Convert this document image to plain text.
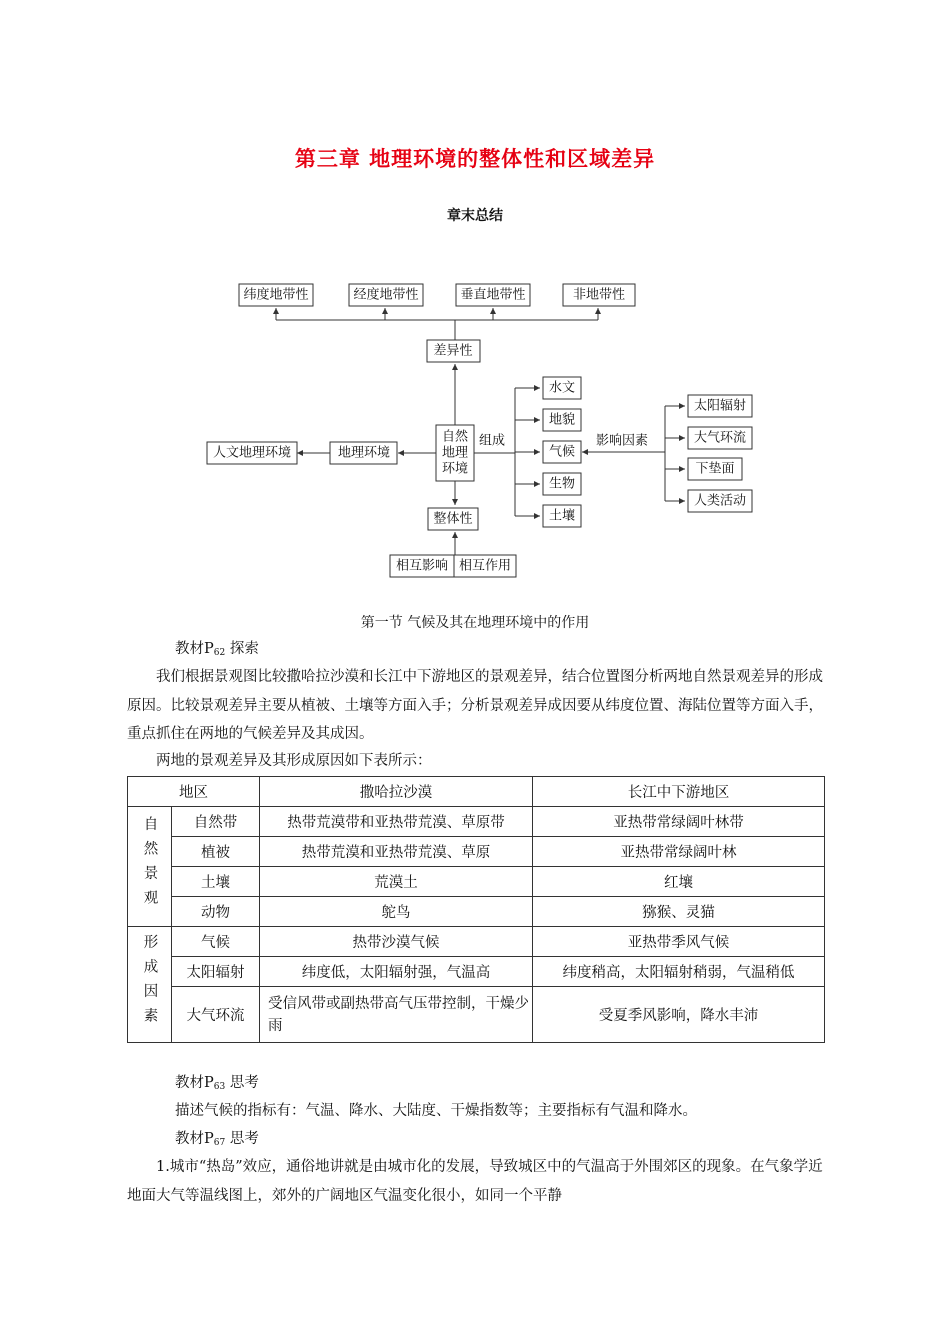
第三章 地理环境的整体性和区域差异
章末总结
纬度地带性	经度地带性	垂直地带性	非地带性
差异性
自然
地理
环境
人文地理环境	地理环境
组成
水文
地貌
气候
生物
土壤
影响因素
太阳辐射
大气环流
下垫面
人类活动
整体性
相互影响 相互作用
第一节 气候及其在地理环境中的作用
教材$P_{62}$ 探索
我们根据景观图比较撒哈拉沙漠和长江中下游地区的景观差异，结合位置图分析两地自然景观差异的形成原因。比较景观差异主要从植被、土壤等方面入手；分析景观差异成因要从纬度位置、海陆位置等方面入手，重点抓住在两地的气候差异及其成因。
两地的景观差异及其形成原因如下表所示：
地区		撒哈拉沙漠	长江中下游地区
自然景观	自然带	热带荒漠带和亚热带荒漠、草原带	亚热带常绿阔叶林带
	植被	热带荒漠和亚热带荒漠、草原	亚热带常绿阔叶林
	土壤	荒漠土	红壤
	动物	鸵鸟	猕猴、灵猫
形成因素	气候	热带沙漠气候	亚热带季风气候
	太阳辐射	纬度低，太阳辐射强，气温高	纬度稍高，太阳辐射稍弱，气温稍低
	大气环流	受信风带或副热带高气压带控制，干燥少雨	受夏季风影响，降水丰沛
教材$P_{63}$ 思考
描述气候的指标有：气温、降水、大陆度、干燥指数等；主要指标有气温和降水。
教材$P_{67}$ 思考
1.城市“热岛”效应，通俗地讲就是由城市化的发展，导致城区中的气温高于外围郊区的现象。在气象学近地面大气等温线图上，郊外的广阔地区气温变化很小，如同一个平静
